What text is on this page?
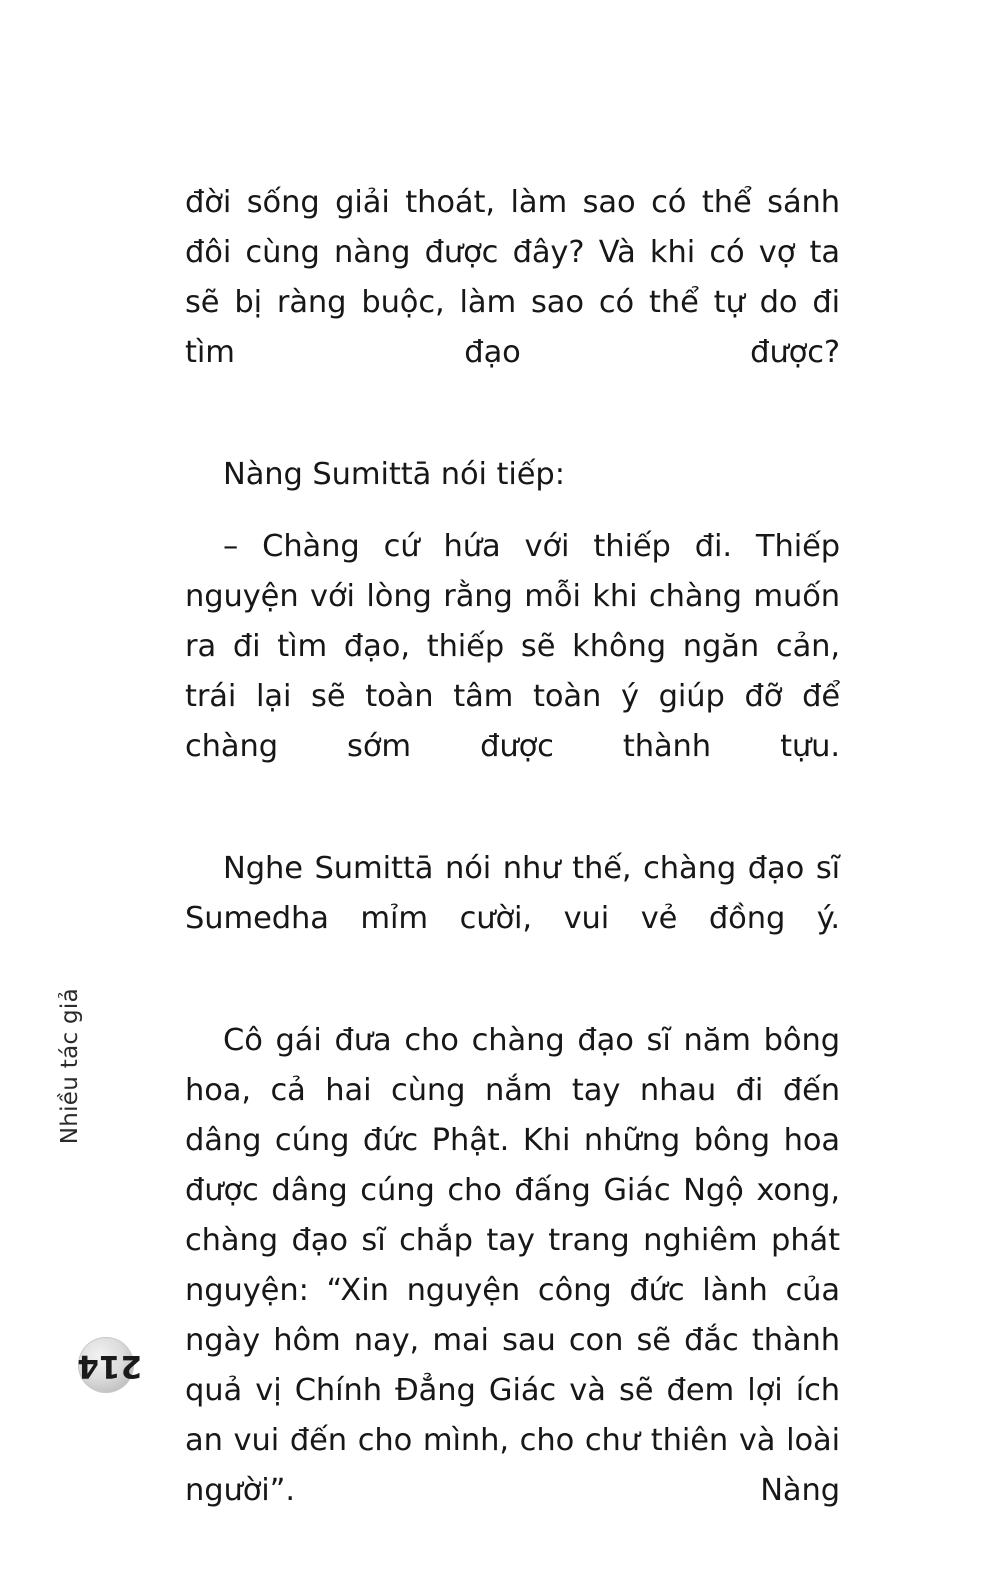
Nhiều tác giả
214

đời sống giải thoát, làm sao có thể sánh đôi cùng nàng được đây? Và khi có vợ ta sẽ bị ràng buộc, làm sao có thể tự do đi tìm đạo được?

Nàng Sumittā nói tiếp:

– Chàng cứ hứa với thiếp đi. Thiếp nguyện với lòng rằng mỗi khi chàng muốn ra đi tìm đạo, thiếp sẽ không ngăn cản, trái lại sẽ toàn tâm toàn ý giúp đỡ để chàng sớm được thành tựu.

Nghe Sumittā nói như thế, chàng đạo sĩ Sumedha mỉm cười, vui vẻ đồng ý.

Cô gái đưa cho chàng đạo sĩ năm bông hoa, cả hai cùng nắm tay nhau đi đến dâng cúng đức Phật. Khi những bông hoa được dâng cúng cho đấng Giác Ngộ xong, chàng đạo sĩ chắp tay trang nghiêm phát nguyện: “Xin nguyện công đức lành của ngày hôm nay, mai sau con sẽ đắc thành quả vị Chính Đẳng Giác và sẽ đem lợi ích an vui đến cho mình, cho chư thiên và loài người”. Nàng
